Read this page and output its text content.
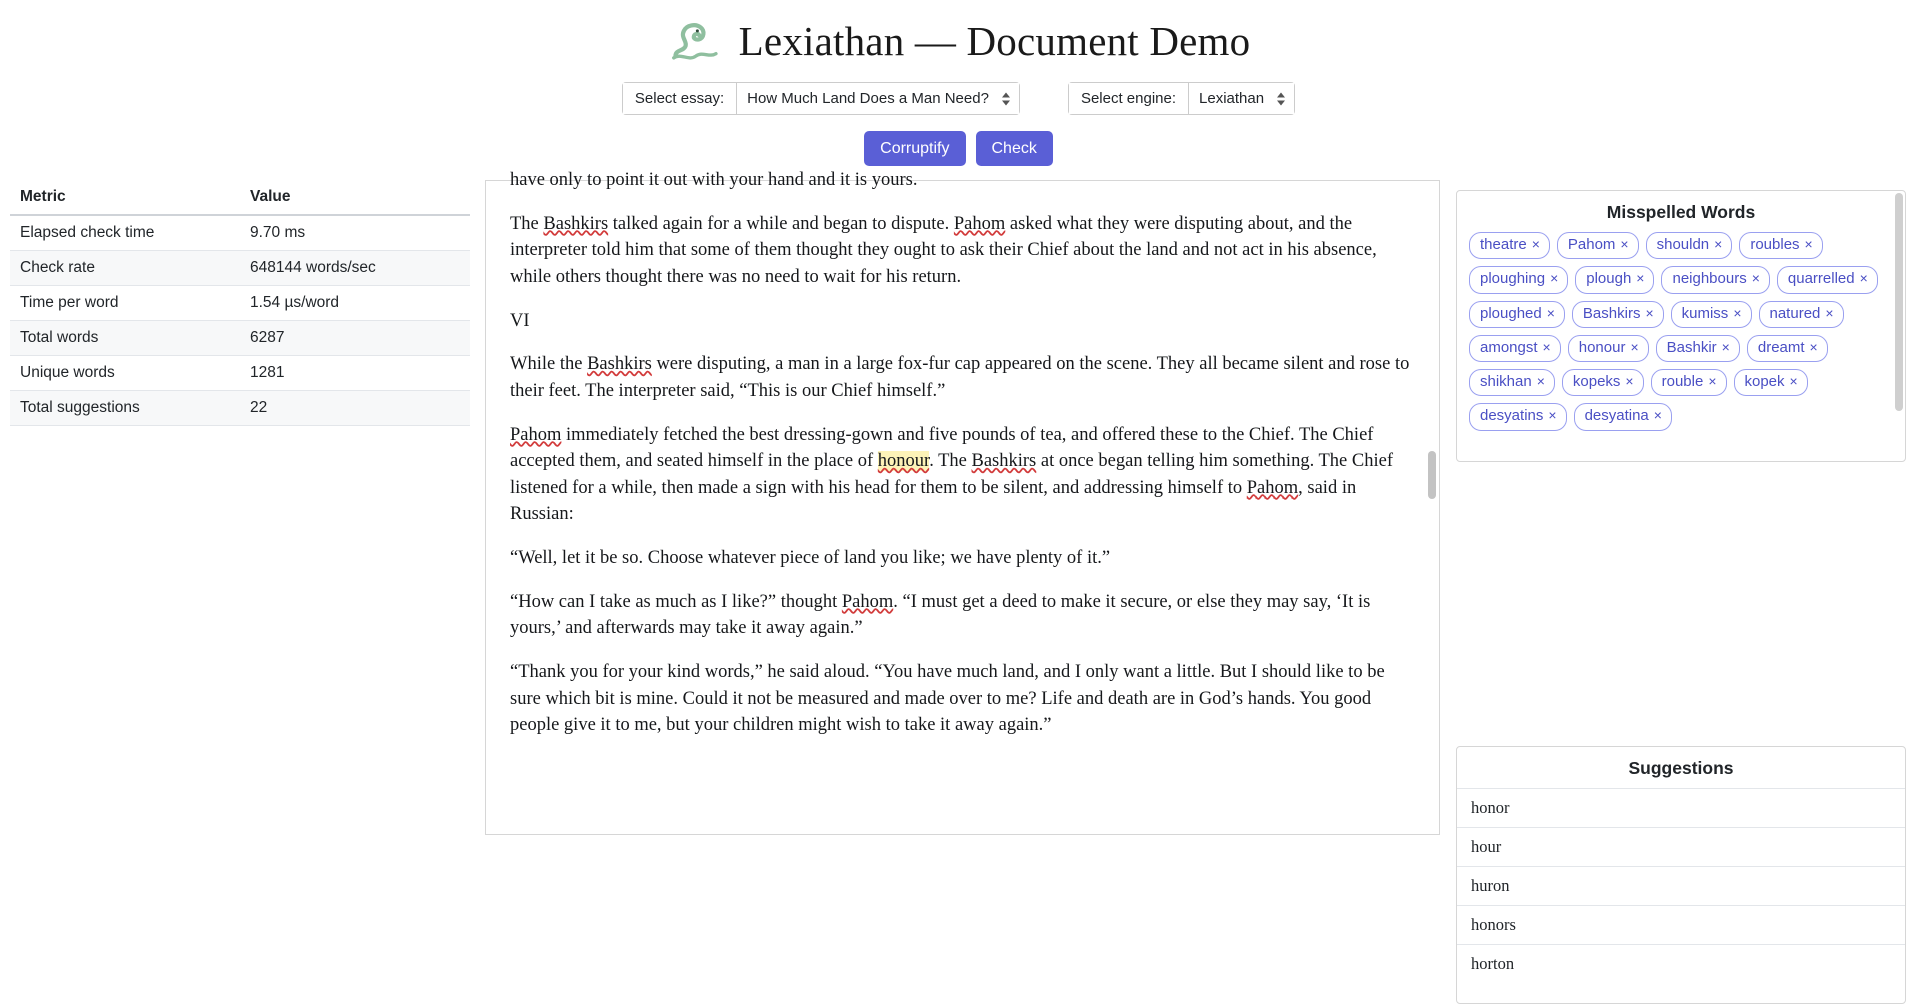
Lexiathan — Document Demo
Select essay:	How Much Land Does a Man Need?	Select engine:	Lexiathan
Corruptify	Check
Metric	Value
Elapsed check time	9.70 ms
Check rate	648144 words/sec
Time per word	1.54 µs/word
Total words	6287
Unique words	1281
Total suggestions	22

have only to point it out with your hand and it is yours.

The Bashkirs talked again for a while and began to dispute. Pahom asked what they were disputing about, and the interpreter told him that some of them thought they ought to ask their Chief about the land and not act in his absence, while others thought there was no need to wait for his return.

VI

While the Bashkirs were disputing, a man in a large fox-fur cap appeared on the scene. They all became silent and rose to their feet. The interpreter said, “This is our Chief himself.”

Pahom immediately fetched the best dressing-gown and five pounds of tea, and offered these to the Chief. The Chief accepted them, and seated himself in the place of honour. The Bashkirs at once began telling him something. The Chief listened for a while, then made a sign with his head for them to be silent, and addressing himself to Pahom, said in Russian:

“Well, let it be so. Choose whatever piece of land you like; we have plenty of it.”

“How can I take as much as I like?” thought Pahom. “I must get a deed to make it secure, or else they may say, ‘It is yours,’ and afterwards may take it away again.”

“Thank you for your kind words,” he said aloud. “You have much land, and I only want a little. But I should like to be sure which bit is mine. Could it not be measured and made over to me? Life and death are in God’s hands. You good people give it to me, but your children might wish to take it away again.”

Misspelled Words
theatre ×	Pahom ×	shouldn ×	roubles ×
ploughing ×	plough ×	neighbours ×	quarrelled ×
ploughed ×	Bashkirs ×	kumiss ×	natured ×
amongst ×	honour ×	Bashkir ×	dreamt ×
shikhan ×	kopeks ×	rouble ×	kopek ×
desyatins ×	desyatina ×
Suggestions
honor
hour
huron
honors
horton
